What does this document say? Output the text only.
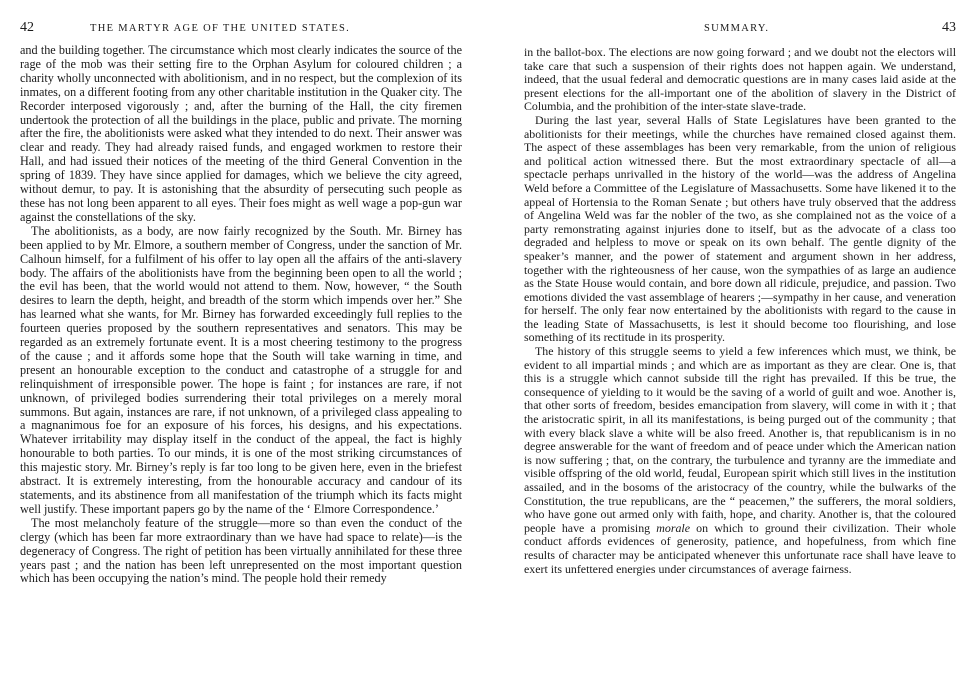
42	THE MARTYR AGE OF THE UNITED STATES.

and the building together. The circumstance which most clearly indicates the source of the rage of the mob was their setting fire to the Orphan Asylum for coloured children ; a charity wholly unconnected with abolitionism, and in no respect, but the complexion of its inmates, on a different footing from any other charitable institution in the Quaker city. The Recorder interposed vigorously ; and, after the burning of the Hall, the city firemen undertook the protection of all the buildings in the place, public and private. The morning after the fire, the abolitionists were asked what they intended to do next. Their answer was clear and ready. They had already raised funds, and engaged workmen to restore their Hall, and had issued their notices of the meeting of the third General Convention in the spring of 1839. They have since applied for damages, which we believe the city agreed, without demur, to pay. It is astonishing that the absurdity of persecuting such people as these has not long been apparent to all eyes. Their foes might as well wage a pop-gun war against the constellations of the sky.

The abolitionists, as a body, are now fairly recognized by the South. Mr. Birney has been applied to by Mr. Elmore, a southern member of Congress, under the sanction of Mr. Calhoun himself, for a fulfilment of his offer to lay open all the affairs of the anti-slavery body. The affairs of the abolitionists have from the beginning been open to all the world ; the evil has been, that the world would not attend to them. Now, however, “ the South desires to learn the depth, height, and breadth of the storm which impends over her.” She has learned what she wants, for Mr. Birney has forwarded exceedingly full replies to the fourteen queries proposed by the southern representatives and senators. This may be regarded as an extremely fortunate event. It is a most cheering testimony to the progress of the cause ; and it affords some hope that the South will take warning in time, and present an honourable exception to the conduct and catastrophe of a struggle for and relinquishment of irresponsible power. The hope is faint ; for instances are rare, if not unknown, of privileged bodies surrendering their total privileges on a merely moral summons. But again, instances are rare, if not unknown, of a privileged class appealing to a magnanimous foe for an exposure of his forces, his designs, and his expectations. Whatever irritability may display itself in the conduct of the appeal, the fact is highly honourable to both parties. To our minds, it is one of the most striking circumstances of this majestic story. Mr. Birney’s reply is far too long to be given here, even in the briefest abstract. It is extremely interesting, from the honourable accuracy and candour of its statements, and its abstinence from all manifestation of the triumph which its facts might well justify. These important papers go by the name of the ‘ Elmore Correspondence.’

The most melancholy feature of the struggle—more so than even the conduct of the clergy (which has been far more extraordinary than we have had space to relate)—is the degeneracy of Congress. The right of petition has been virtually annihilated for these three years past ; and the nation has been left unrepresented on the most important question which has been occupying the nation’s mind. The people hold their remedy

SUMMARY.	43

in the ballot-box. The elections are now going forward ; and we doubt not the electors will take care that such a suspension of their rights does not happen again. We understand, indeed, that the usual federal and democratic questions are in many cases laid aside at the present elections for the all-important one of the abolition of slavery in the District of Columbia, and the prohibition of the inter-state slave-trade.

During the last year, several Halls of State Legislatures have been granted to the abolitionists for their meetings, while the churches have remained closed against them. The aspect of these assemblages has been very remarkable, from the union of religious and political action witnessed there. But the most extraordinary spectacle of all—a spectacle perhaps unrivalled in the history of the world—was the address of Angelina Weld before a Committee of the Legislature of Massachusetts. Some have likened it to the appeal of Hortensia to the Roman Senate ; but others have truly observed that the address of Angelina Weld was far the nobler of the two, as she complained not as the voice of a party remonstrating against injuries done to itself, but as the advocate of a class too degraded and helpless to move or speak on its own behalf. The gentle dignity of the speaker’s manner, and the power of statement and argument shown in her address, together with the righteousness of her cause, won the sympathies of as large an audience as the State House would contain, and bore down all ridicule, prejudice, and passion. Two emotions divided the vast assemblage of hearers ;—sympathy in her cause, and veneration for herself. The only fear now entertained by the abolitionists with regard to the cause in the leading State of Massachusetts, is lest it should become too flourishing, and lose something of its rectitude in its prosperity.

The history of this struggle seems to yield a few inferences which must, we think, be evident to all impartial minds ; and which are as important as they are clear. One is, that this is a struggle which cannot subside till the right has prevailed. If this be true, the consequence of yielding to it would be the saving of a world of guilt and woe. Another is, that other sorts of freedom, besides emancipation from slavery, will come in with it ; that the aristocratic spirit, in all its manifestations, is being purged out of the community ; that with every black slave a white will be also freed. Another is, that republicanism is in no degree answerable for the want of freedom and of peace under which the American nation is now suffering ; that, on the contrary, the turbulence and tyranny are the immediate and visible offspring of the old world, feudal, European spirit which still lives in the institution assailed, and in the bosoms of the aristocracy of the country, while the bulwarks of the Constitution, the true republicans, are the “ peacemen,” the sufferers, the moral soldiers, who have gone out armed only with faith, hope, and charity. Another is, that the coloured people have a promising morale on which to ground their civilization. Their whole conduct affords evidences of generosity, patience, and hopefulness, from which fine results of character may be anticipated whenever this unfortunate race shall have leave to exert its unfettered energies under circumstances of average fairness.
